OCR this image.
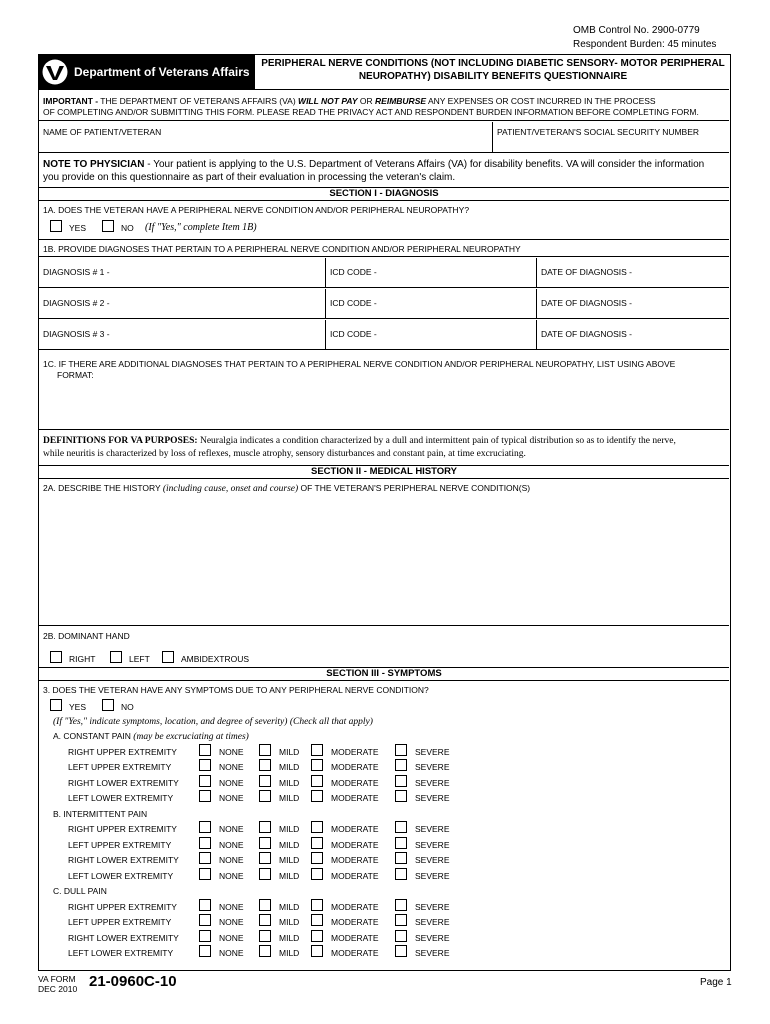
OMB Control No. 2900-0779
Respondent Burden: 45 minutes
Department of Veterans Affairs
PERIPHERAL NERVE CONDITIONS (NOT INCLUDING DIABETIC SENSORY- MOTOR PERIPHERAL
NEUROPATHY) DISABILITY BENEFITS QUESTIONNAIRE
IMPORTANT - THE DEPARTMENT OF VETERANS AFFAIRS (VA) WILL NOT PAY OR REIMBURSE ANY EXPENSES OR COST INCURRED IN THE PROCESS
OF COMPLETING AND/OR SUBMITTING THIS FORM. PLEASE READ THE PRIVACY ACT AND RESPONDENT BURDEN INFORMATION BEFORE COMPLETING FORM.
NAME OF PATIENT/VETERAN	PATIENT/VETERAN'S SOCIAL SECURITY NUMBER
NOTE TO PHYSICIAN - Your patient is applying to the U.S. Department of Veterans Affairs (VA) for disability benefits. VA will consider the information
you provide on this questionnaire as part of their evaluation in processing the veteran's claim.
SECTION I - DIAGNOSIS
1A. DOES THE VETERAN HAVE A PERIPHERAL NERVE CONDITION AND/OR PERIPHERAL NEUROPATHY?
YES	NO (If "Yes," complete Item 1B)
1B. PROVIDE DIAGNOSES THAT PERTAIN TO A PERIPHERAL NERVE CONDITION AND/OR PERIPHERAL NEUROPATHY
DIAGNOSIS # 1 -	ICD CODE -	DATE OF DIAGNOSIS -
DIAGNOSIS # 2 -	ICD CODE -	DATE OF DIAGNOSIS -
DIAGNOSIS # 3 -	ICD CODE -	DATE OF DIAGNOSIS -
1C. IF THERE ARE ADDITIONAL DIAGNOSES THAT PERTAIN TO A PERIPHERAL NERVE CONDITION AND/OR PERIPHERAL NEUROPATHY, LIST USING ABOVE
FORMAT:
DEFINITIONS FOR VA PURPOSES: Neuralgia indicates a condition characterized by a dull and intermittent pain of typical distribution so as to identify the nerve,
while neuritis is characterized by loss of reflexes, muscle atrophy, sensory disturbances and constant pain, at time excruciating.
SECTION II - MEDICAL HISTORY
2A. DESCRIBE THE HISTORY (including cause, onset and course) OF THE VETERAN'S PERIPHERAL NERVE CONDITION(S)
2B. DOMINANT HAND
RIGHT	LEFT	AMBIDEXTROUS
SECTION III - SYMPTOMS
3. DOES THE VETERAN HAVE ANY SYMPTOMS DUE TO ANY PERIPHERAL NERVE CONDITION?
YES	NO
(If "Yes," indicate symptoms, location, and degree of severity) (Check all that apply)
A. CONSTANT PAIN (may be excruciating at times)
RIGHT UPPER EXTREMITY	NONE	MILD	MODERATE	SEVERE
LEFT UPPER EXTREMITY	NONE	MILD	MODERATE	SEVERE
RIGHT LOWER EXTREMITY	NONE	MILD	MODERATE	SEVERE
LEFT LOWER EXTREMITY	NONE	MILD	MODERATE	SEVERE
B. INTERMITTENT PAIN
RIGHT UPPER EXTREMITY	NONE	MILD	MODERATE	SEVERE
LEFT UPPER EXTREMITY	NONE	MILD	MODERATE	SEVERE
RIGHT LOWER EXTREMITY	NONE	MILD	MODERATE	SEVERE
LEFT LOWER EXTREMITY	NONE	MILD	MODERATE	SEVERE
C. DULL PAIN
RIGHT UPPER EXTREMITY	NONE	MILD	MODERATE	SEVERE
LEFT UPPER EXTREMITY	NONE	MILD	MODERATE	SEVERE
RIGHT LOWER EXTREMITY	NONE	MILD	MODERATE	SEVERE
LEFT LOWER EXTREMITY	NONE	MILD	MODERATE	SEVERE
VA FORM
DEC 2010 21-0960C-10	Page 1
